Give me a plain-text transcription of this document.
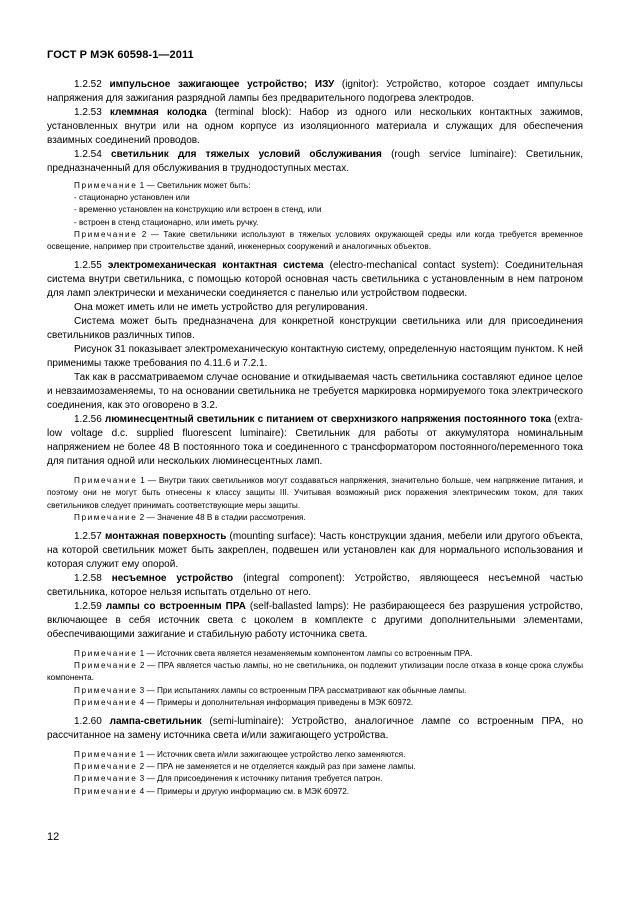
ГОСТ Р МЭК 60598-1—2011

1.2.52 импульсное зажигающее устройство; ИЗУ (ignitor): Устройство, которое создает импульсы напряжения для зажигания разрядной лампы без предварительного подогрева электродов.

1.2.53 клеммная колодка (terminal block): Набор из одного или нескольких контактных зажимов, установленных внутри или на одном корпусе из изоляционного материала и служащих для обеспечения взаимных соединений проводов.

1.2.54 светильник для тяжелых условий обслуживания (rough service luminaire): Светильник, предназначенный для обслуживания в труднодоступных местах.

Примечание 1 — Светильник может быть:

- стационарно установлен или

- временно установлен на конструкцию или встроен в стенд, или

- встроен в стенд стационарно, или иметь ручку.

Примечание 2 — Такие светильники используют в тяжелых условиях окружающей среды или когда требуется временное освещение, например при строительстве зданий, инженерных сооружений и аналогичных объектов.

1.2.55 электромеханическая контактная система (electro-mechanical contact system): Соединительная система внутри светильника, с помощью которой основная часть светильника с установленным в нем патроном для ламп электрически и механически соединяется с панелью или устройством подвески.

Она может иметь или не иметь устройство для регулирования.

Система может быть предназначена для конкретной конструкции светильника или для присоединения светильников различных типов.

Рисунок 31 показывает электромеханическую контактную систему, определенную настоящим пунктом. К ней применимы также требования по 4.11.6 и 7.2.1.

Так как в рассматриваемом случае основание и откидываемая часть светильника составляют единое целое и невзаимозаменяемы, то на основании светильника не требуется маркировка нормируемого тока электрического соединения, как это оговорено в 3.2.

1.2.56 люминесцентный светильник с питанием от сверхнизкого напряжения постоянного тока (extra-low voltage d.c. supplied fluorescent luminaire): Светильник для работы от аккумулятора номинальным напряжением не более 48 В постоянного тока и соединенного с трансформатором постоянного/переменного тока для питания одной или нескольких люминесцентных ламп.

Примечание 1 — Внутри таких светильников могут создаваться напряжения, значительно больше, чем напряжение питания, и поэтому они не могут быть отнесены к классу защиты III. Учитывая возможный риск поражения электрическим током, для таких светильников следует принимать соответствующие меры защиты.

Примечание 2 — Значение 48 В в стадии рассмотрения.

1.2.57 монтажная поверхность (mounting surface): Часть конструкции здания, мебели или другого объекта, на которой светильник может быть закреплен, подвешен или установлен как для нормального использования и которая служит ему опорой.

1.2.58 несъемное устройство (integral component): Устройство, являющееся несъемной частью светильника, которое нельзя испытать отдельно от него.

1.2.59 лампы со встроенным ПРА (self-ballasted lamps): Не разбирающееся без разрушения устройство, включающее в себя источник света с цоколем в комплекте с другими дополнительными элементами, обеспечивающими зажигание и стабильную работу источника света.

Примечание 1 — Источник света является незаменяемым компонентом лампы со встроенным ПРА.

Примечание 2 — ПРА является частью лампы, но не светильника, он подлежит утилизации после отказа в конце срока службы компонента.

Примечание 3 — При испытаниях лампы со встроенным ПРА рассматривают как обычные лампы.

Примечание 4 — Примеры и дополнительная информация приведены в МЭК 60972.

1.2.60 лампа-светильник (semi-luminaire): Устройство, аналогичное лампе со встроенным ПРА, но рассчитанное на замену источника света и/или зажигающего устройства.

Примечание 1 — Источник света и/или зажигающее устройство легко заменяются.

Примечание 2 — ПРА не заменяется и не отделяется каждый раз при замене лампы.

Примечание 3 — Для присоединения к источнику питания требуется патрон.

Примечание 4 — Примеры и другую информацию см. в МЭК 60972.

12
